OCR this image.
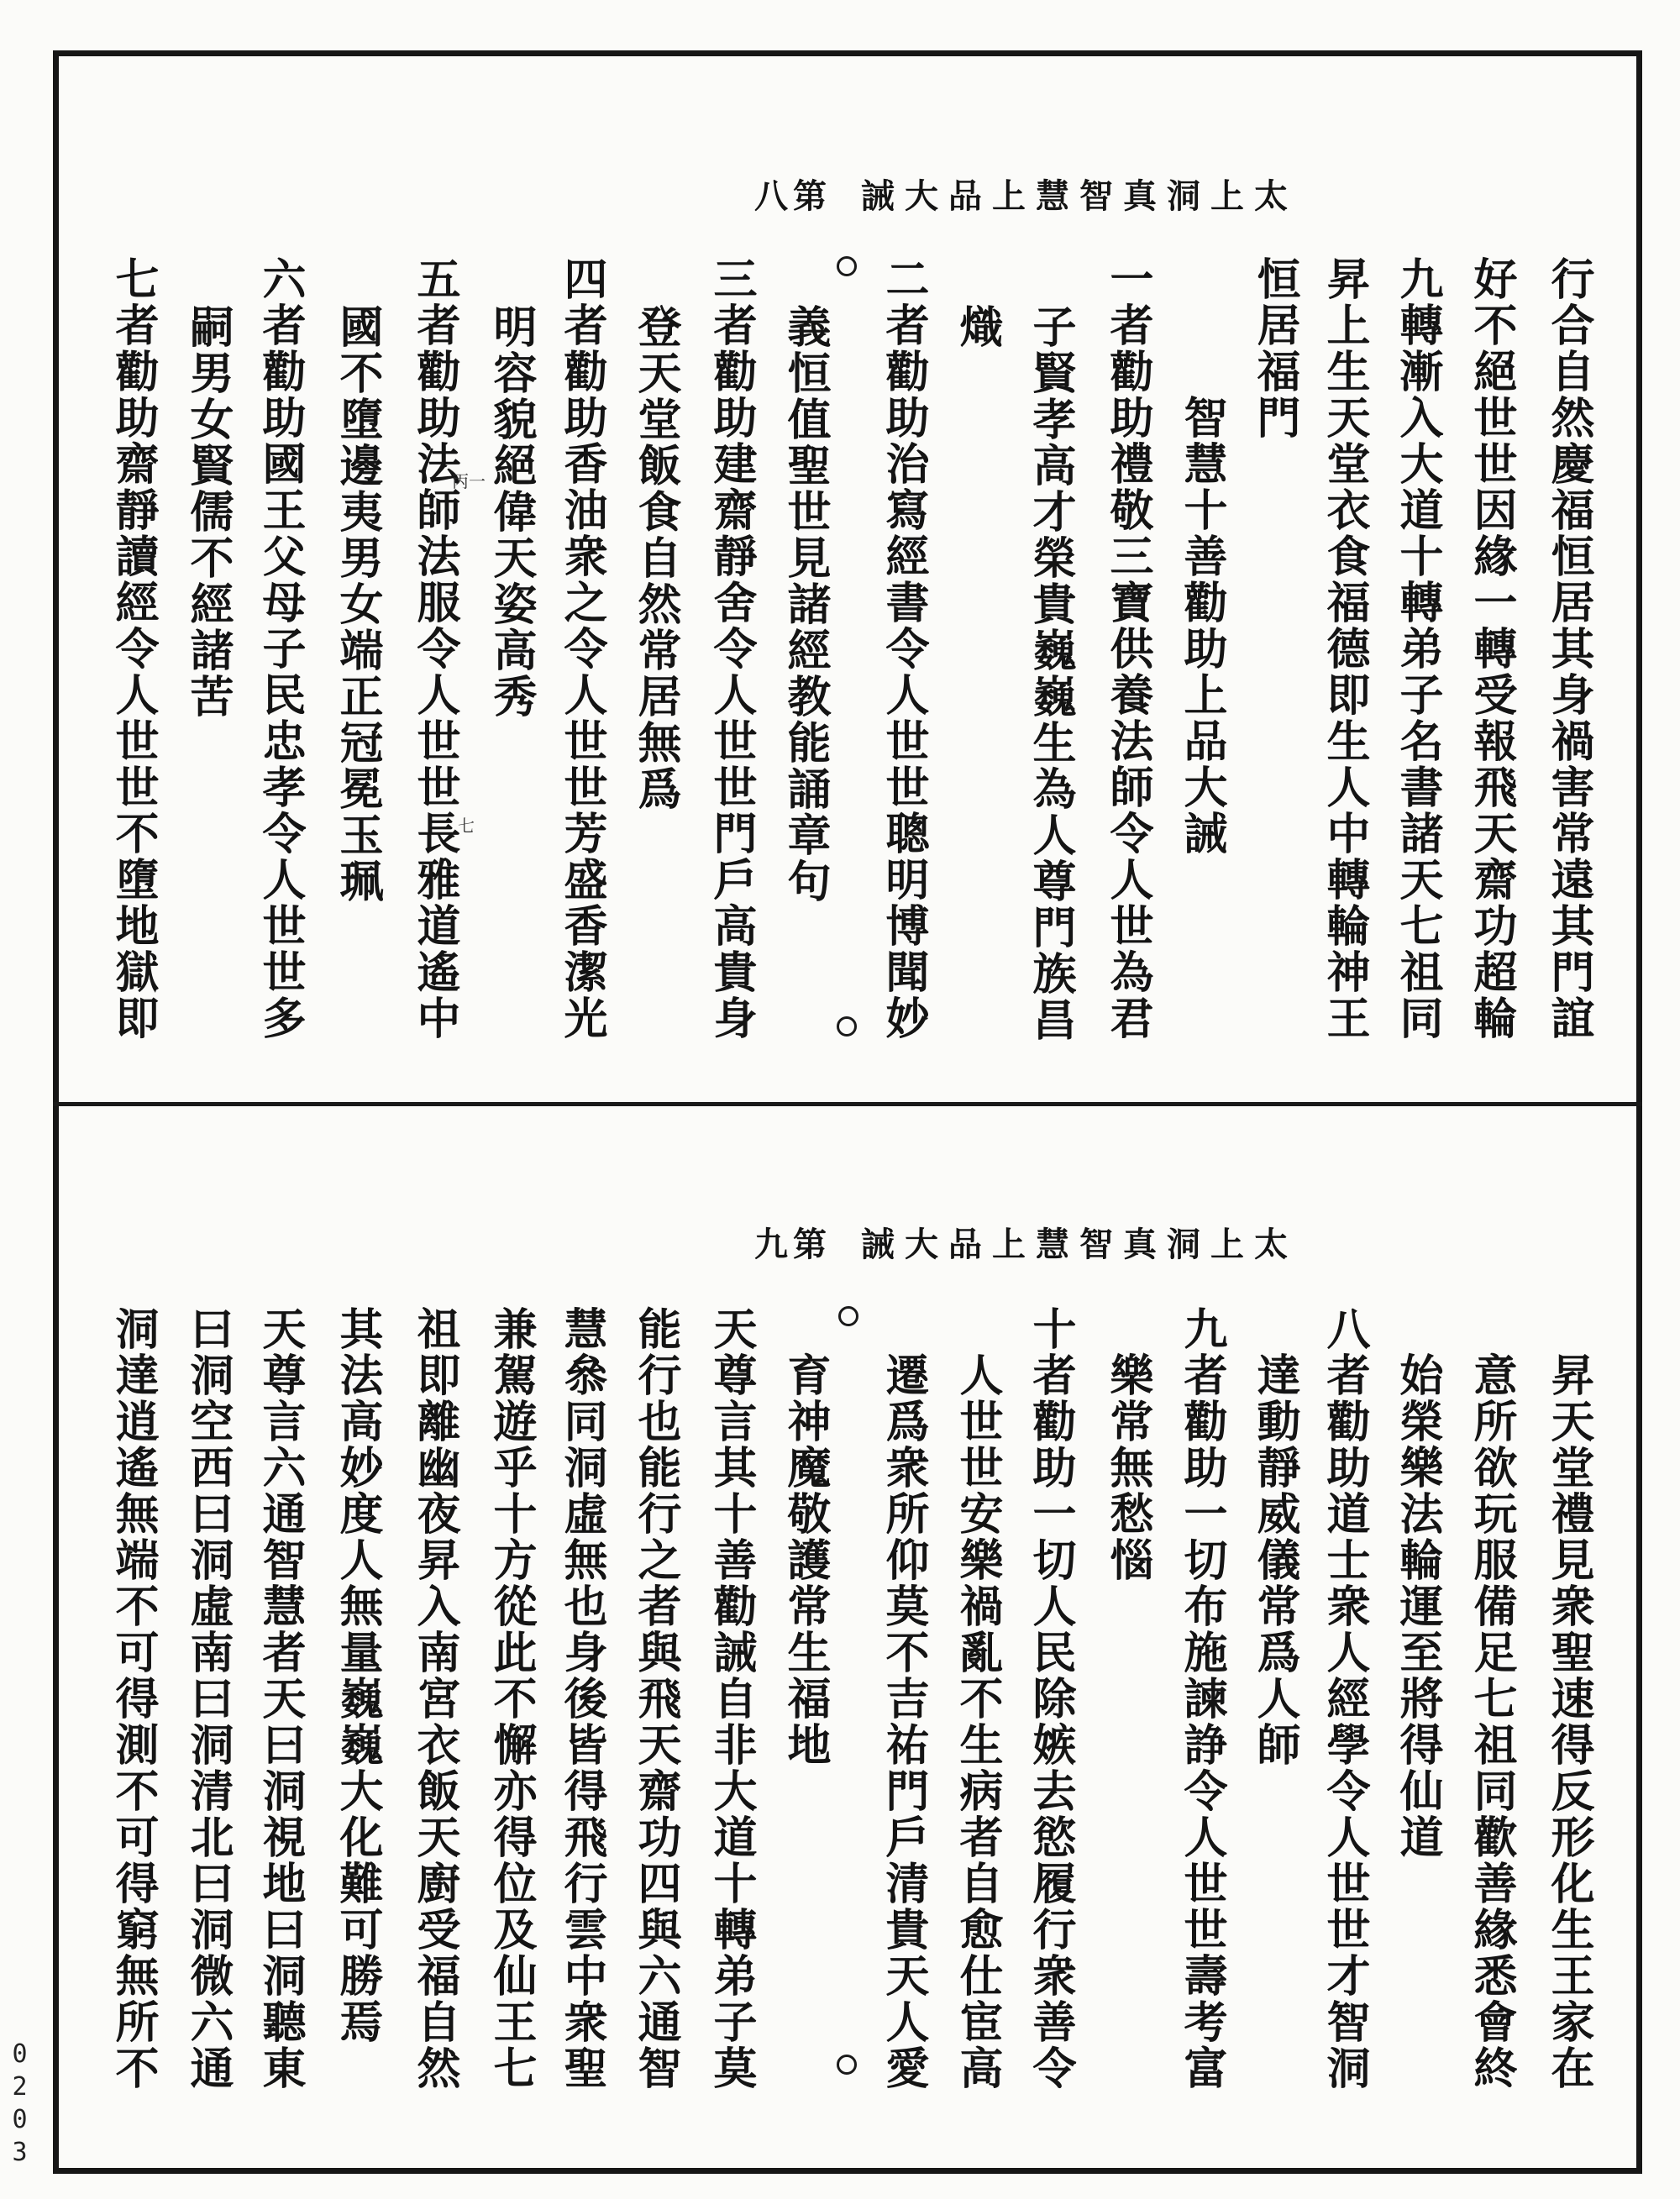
太上洞真智慧上品大誡
第八
行合自然慶福恒居其身禍害常遠其門誼
好不絕世世因緣一轉受報飛天齋功超輪
九轉漸入大道十轉弟子名書諸天七祖同
昇上生天堂衣食福德即生人中轉輪神王
恒居福門
智慧十善勸助上品大誡
一者勸助禮敬三寶供養法師令人世為君
子賢孝高才榮貴巍巍生為人尊門族昌
熾
二者勸助治寫經書令人世世聰明博聞妙
義恒值聖世見諸經教能誦章句
三者勸助建齋靜舍令人世世門戶高貴身
登天堂飯食自然常居無爲
四者勸助香油衆之令人世世芳盛香潔光
明容貌絕偉天姿高秀
五者勸助法師法服令人世世長雅道遙中
國不墮邊夷男女端正冠冕玉珮
六者勸助國王父母子民忠孝令人世世多
嗣男女賢儒不經諸苦
七者勸助齋靜讀經令人世世不墮地獄即	丙一
七
太上洞真智慧上品大誡
第九
昇天堂禮見衆聖速得反形化生王家在
意所欲玩服備足七祖同歡善緣悉會終
始榮樂法輪運至將得仙道
八者勸助道士衆人經學令人世世才智洞
達動靜威儀常爲人師
九者勸助一切布施諫諍令人世世壽考富
樂常無愁惱
十者勸助一切人民除嫉去慾履行衆善令
人世世安樂禍亂不生病者自愈仕宦高
遷爲衆所仰莫不吉祐門戶清貴天人愛
育神魔敬護常生福地
天尊言其十善勸誡自非大道十轉弟子莫
能行也能行之者與飛天齋功四與六通智
慧叅同洞虛無也身後皆得飛行雲中衆聖
兼駕遊乎十方從此不懈亦得位及仙王七
祖即離幽夜昇入南宮衣飯天廚受福自然
其法高妙度人無量巍巍大化難可勝焉
天尊言六通智慧者天曰洞視地曰洞聽東
曰洞空西曰洞虛南曰洞清北曰洞微六通
洞達逍遙無端不可得測不可得窮無所不
0203
